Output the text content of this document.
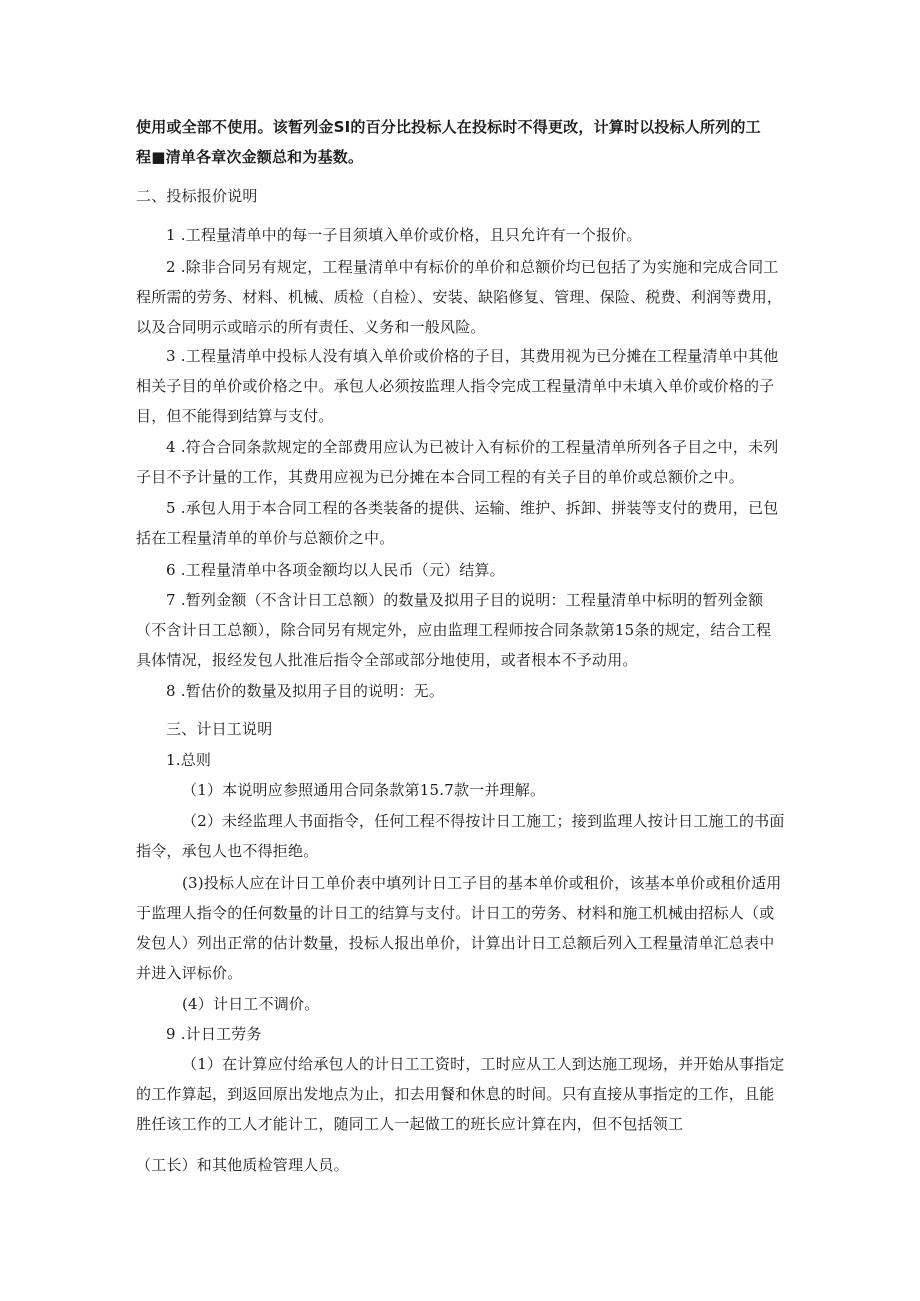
使用或全部不使用。该暂列金SI的百分比投标人在投标时不得更改，计算时以投标人所列的工

程■清单各章次金额总和为基数。

二、投标报价说明

1 .工程量清单中的每一子目须填入单价或价格，且只允许有一个报价。

2 .除非合同另有规定，工程量清单中有标价的单价和总额价均已包括了为实施和完成合同工程所需的劳务、材料、机械、质检（自检）、安装、缺陷修复、管理、保险、税费、利润等费用，以及合同明示或暗示的所有责任、义务和一般风险。

3 .工程量清单中投标人没有填入单价或价格的子目，其费用视为已分摊在工程量清单中其他相关子目的单价或价格之中。承包人必须按监理人指令完成工程量清单中未填入单价或价格的子目，但不能得到结算与支付。

4 .符合合同条款规定的全部费用应认为已被计入有标价的工程量清单所列各子目之中，未列子目不予计量的工作，其费用应视为已分摊在本合同工程的有关子目的单价或总额价之中。

5 .承包人用于本合同工程的各类装备的提供、运输、维护、拆卸、拼装等支付的费用，已包括在工程量清单的单价与总额价之中。

6 .工程量清单中各项金额均以人民币（元）结算。

7 .暂列金额（不含计日工总额）的数量及拟用子目的说明：工程量清单中标明的暂列金额（不含计日工总额），除合同另有规定外，应由监理工程师按合同条款第15条的规定，结合工程具体情况，报经发包人批准后指令全部或部分地使用，或者根本不予动用。

8 .暂估价的数量及拟用子目的说明：无。

三、计日工说明

1.总则

（1）本说明应参照通用合同条款第15.7款一并理解。

（2）未经监理人书面指令，任何工程不得按计日工施工；接到监理人按计日工施工的书面指令，承包人也不得拒绝。

(3)投标人应在计日工单价表中填列计日工子目的基本单价或租价，该基本单价或租价适用于监理人指令的任何数量的计日工的结算与支付。计日工的劳务、材料和施工机械由招标人（或发包人）列出正常的估计数量，投标人报出单价，计算出计日工总额后列入工程量清单汇总表中并进入评标价。

(4）计日工不调价。

9 .计日工劳务

（1）在计算应付给承包人的计日工工资时，工时应从工人到达施工现场，并开始从事指定的工作算起，到返回原出发地点为止，扣去用餐和休息的时间。只有直接从事指定的工作，且能胜任该工作的工人才能计工，随同工人一起做工的班长应计算在内，但不包括领工

（工长）和其他质检管理人员。
